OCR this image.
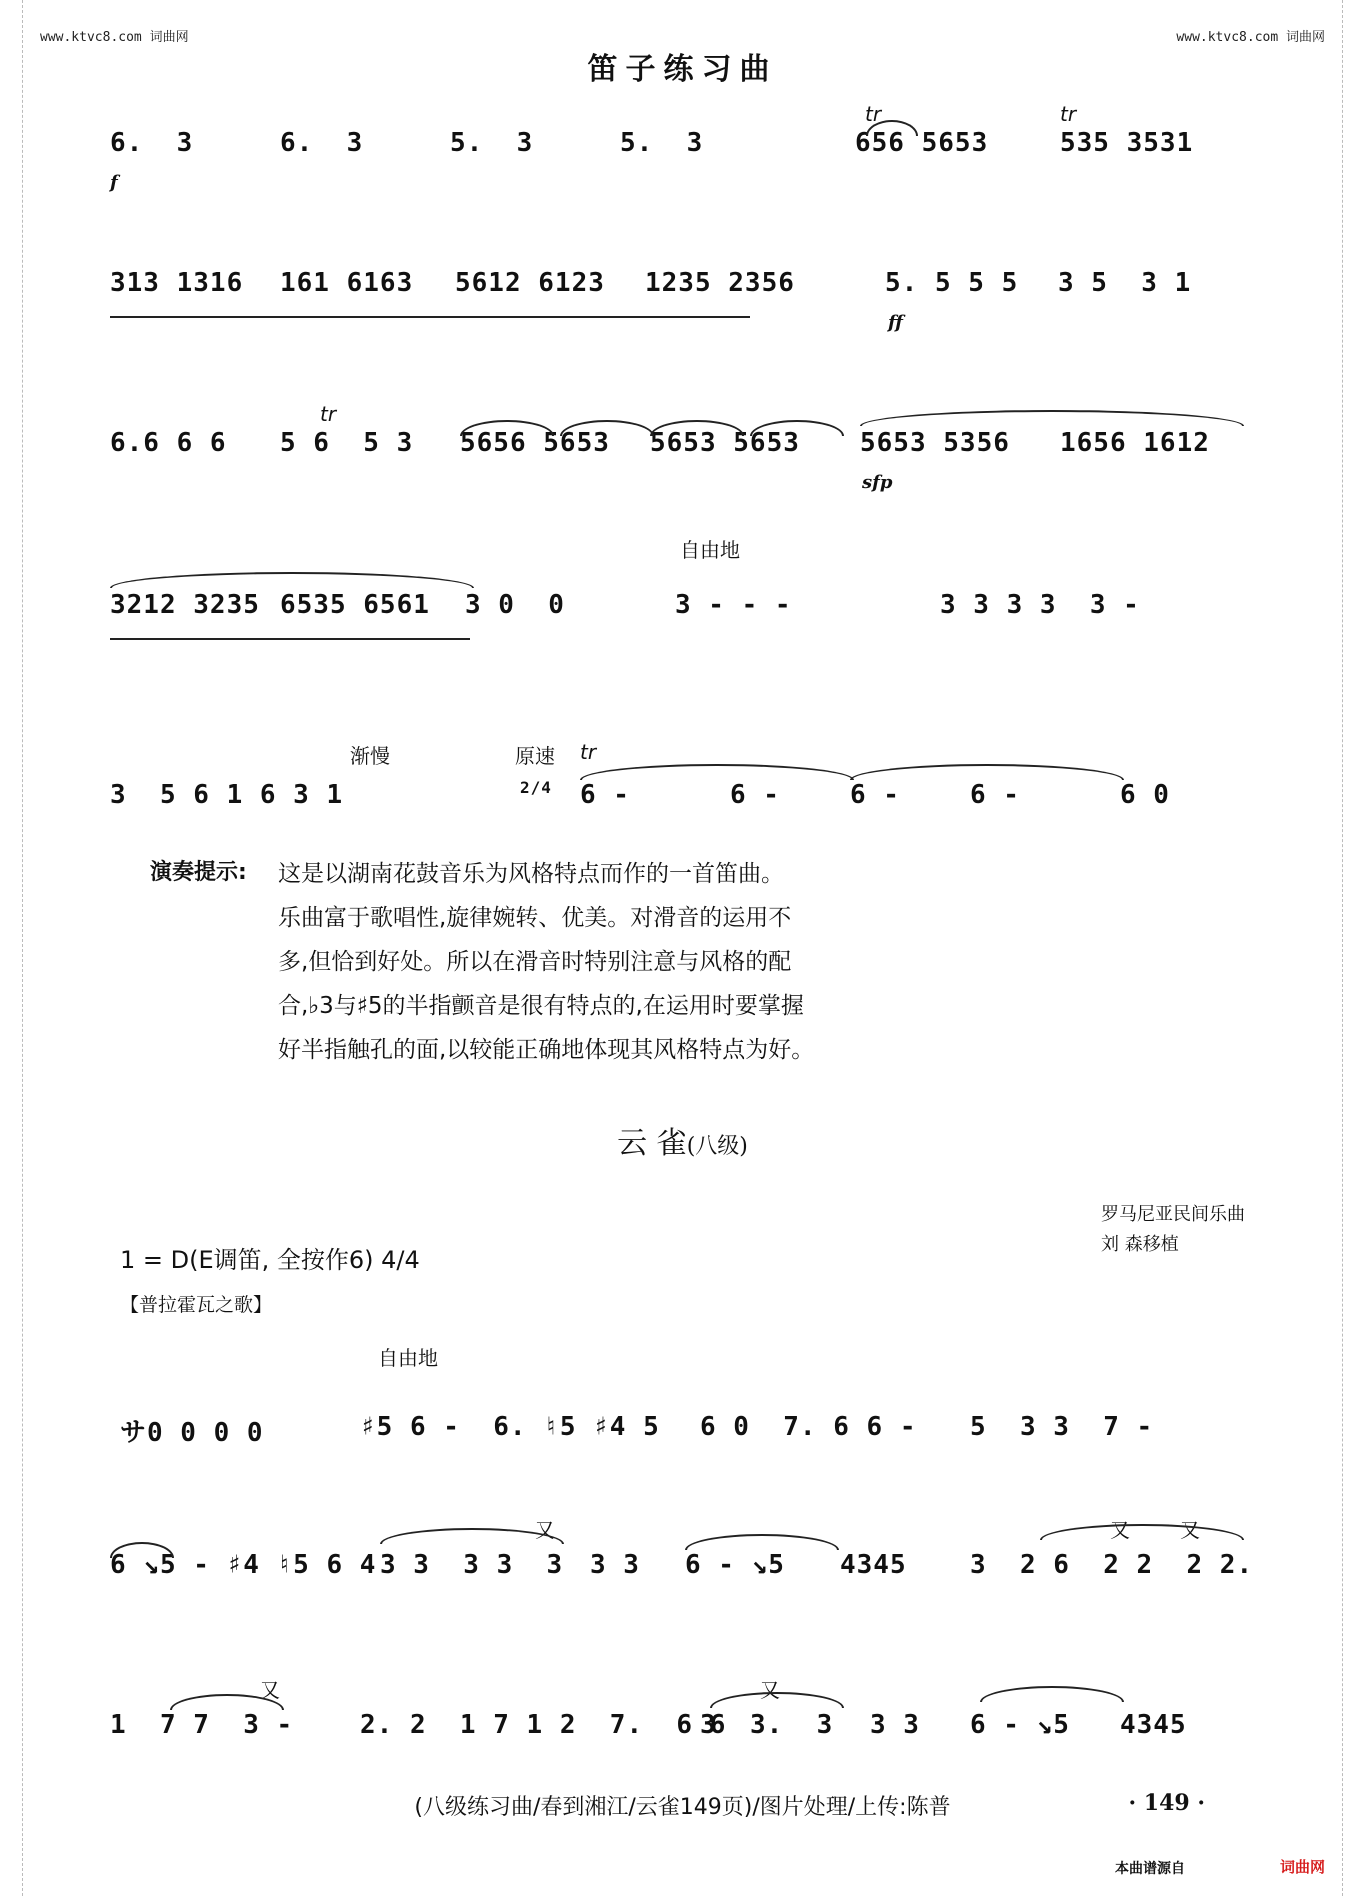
www.ktvc8.com 词曲网	www.ktvc8.com 词曲网
笛子练习曲
6.  3	6.  3	5.  3	5.  3	656 5653	535 3531
tr	tr
f
313 1316 161 6163 5612 6123 1235 2356	5. 5 5 5 3 5  3 1
ff
6.6 6 6 5 6  5 3 5656 5653 5653 5653 5653 5356 1656 1612
tr
sfp
3212 3235 6535 6561 3 0  0	3 - - -	3 3 3 3  3 -
自由地
3  5 6 1 6 3 1	2/4 6 -	6 -	6 -	6 -	6 0
渐慢	原速 tr
演奏提示: 这是以湖南花鼓音乐为风格特点而作的一首笛曲。
乐曲富于歌唱性,旋律婉转、优美。对滑音的运用不
多,但恰到好处。所以在滑音时特别注意与风格的配
合,♭3与♯5的半指颤音是很有特点的,在运用时要掌握
好半指触孔的面,以较能正确地体现其风格特点为好。
云 雀(八级)
罗马尼亚民间乐曲
刘 森移植
1 = D(E调笛, 全按作6) 4/4
【普拉霍瓦之歌】
自由地
サ0 0 0 0	♯5 6 -  6. ♮5 ♯4 5 6 0  7. 6 6 - 5  3 3  7 -
6 ↘5 - ♯4 ♮5 6 4 3 3  3 3  3 3 3 6 - ↘5 4345 3  2 6  2 2  2 2.
又	又	又
1  7 7  3 -	2. 2  1 7 1 2  7.  6 6
3  3.  3 3 3 6 - ↘5 4345
又	又
(八级练习曲/春到湘江/云雀149页)/图片处理/上传:陈普	· 149 ·
本曲谱源自	词曲网
